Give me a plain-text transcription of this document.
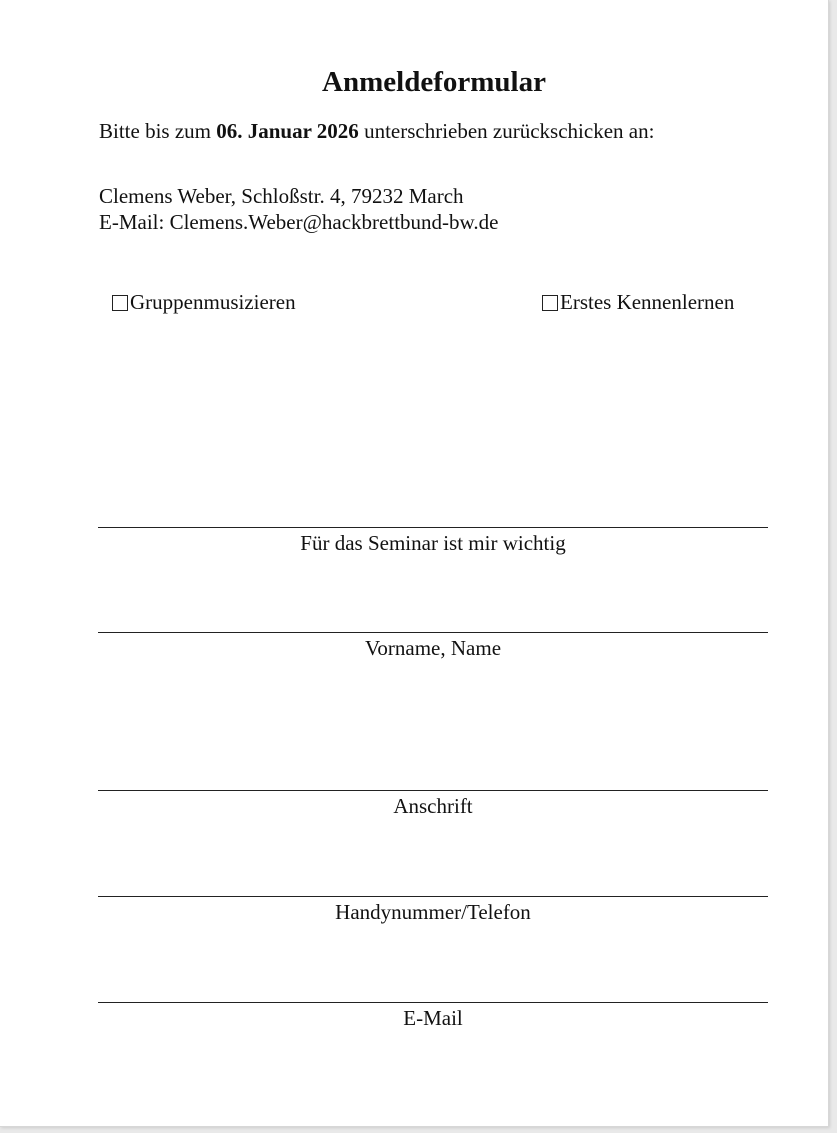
Anmeldeformular
Bitte bis zum 06. Januar 2026 unterschrieben zurückschicken an:
Clemens Weber, Schloßstr. 4, 79232 March
E-Mail: Clemens.Weber@hackbrettbund-bw.de
Gruppenmusizieren	Erstes Kennenlernen
Für das Seminar ist mir wichtig
Vorname, Name
Anschrift
Handynummer/Telefon
E-Mail
